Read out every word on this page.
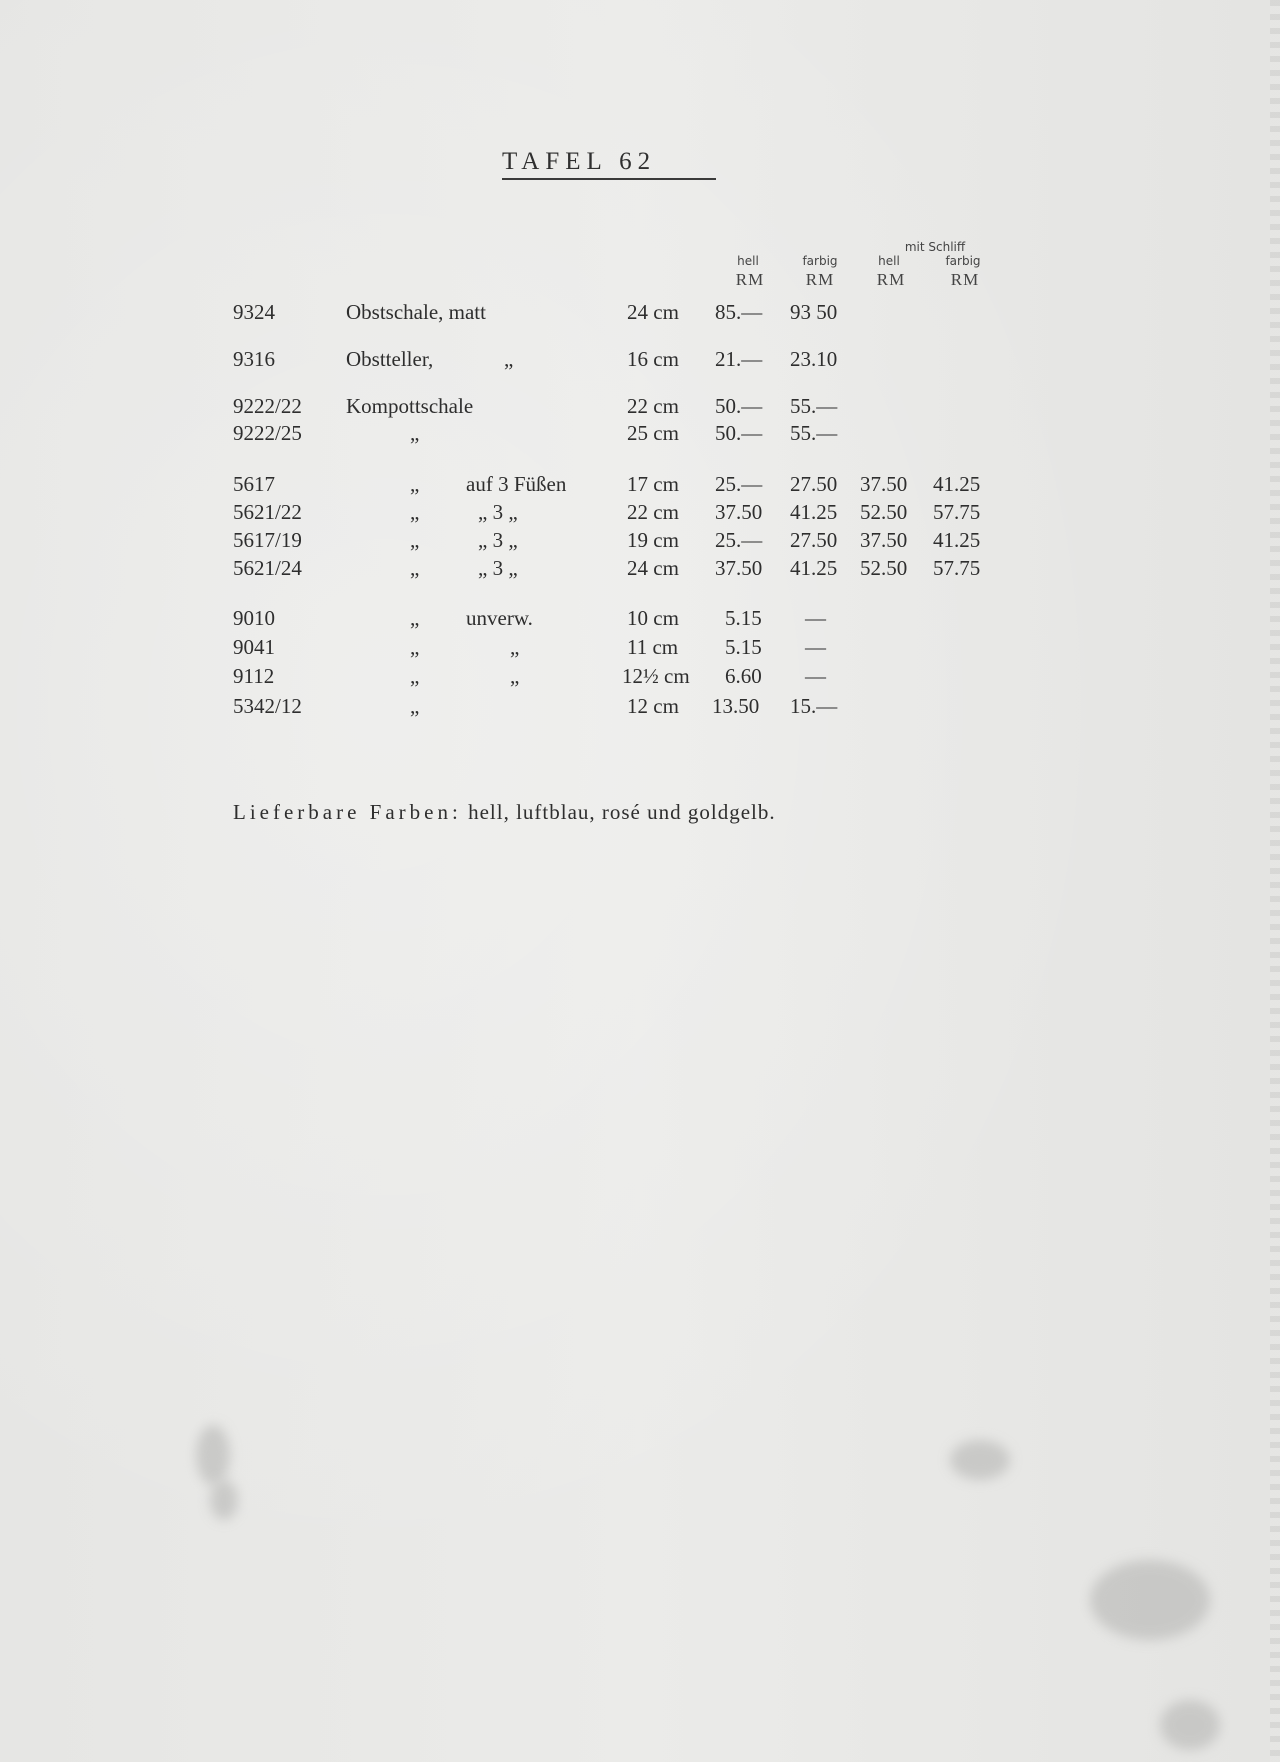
TAFEL 62
mit Schliff
hell	farbig	hell	farbig
RM	RM	RM	RM
9324	Obstschale, matt	24 cm 85.— 93 50
9316	Obstteller,	„	16 cm 21.— 23.10
9222/22 Kompottschale	22 cm 50.— 55.—
9222/25	„	25 cm 50.— 55.—
5617	„ auf 3 Füßen	17 cm 25.— 27.50 37.50 41.25
5621/22	„	„ 3 „	22 cm 37.50 41.25 52.50 57.75
5617/19	„	„ 3 „	19 cm 25.— 27.50 37.50 41.25
5621/24	„	„ 3 „	24 cm 37.50 41.25 52.50 57.75
9010	„ unverw.	10 cm 5.15 —
9041	„	„	11 cm 5.15 —
9112	„	„	12½ cm 6.60 —
5342/12	„	12 cm 13.50 15.—
Lieferbare Farben: hell, luftblau, rosé und goldgelb.
